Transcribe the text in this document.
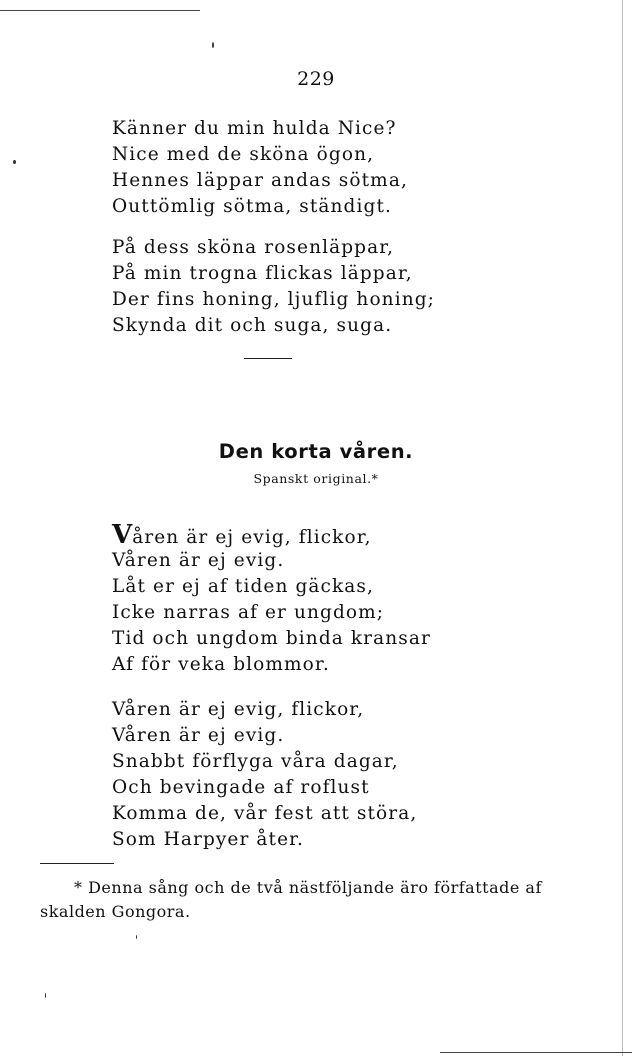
229
Känner du min hulda Nice?
Nice med de sköna ögon,
Hennes läppar andas sötma,
Outtömlig sötma, ständigt.
På dess sköna rosenläppar,
På min trogna flickas läppar,
Der fins honing, ljuflig honing;
Skynda dit och suga, suga.
Den korta våren.
Spanskt original.*
Våren är ej evig, flickor,
Våren är ej evig.
Låt er ej af tiden gäckas,
Icke narras af er ungdom;
Tid och ungdom binda kransar
Af för veka blommor.
Våren är ej evig, flickor,
Våren är ej evig.
Snabbt förflyga våra dagar,
Och bevingade af roflust
Komma de, vår fest att störa,
Som Harpyer åter.
* Denna sång och de två nästföljande äro författade af
skalden Gongora.
